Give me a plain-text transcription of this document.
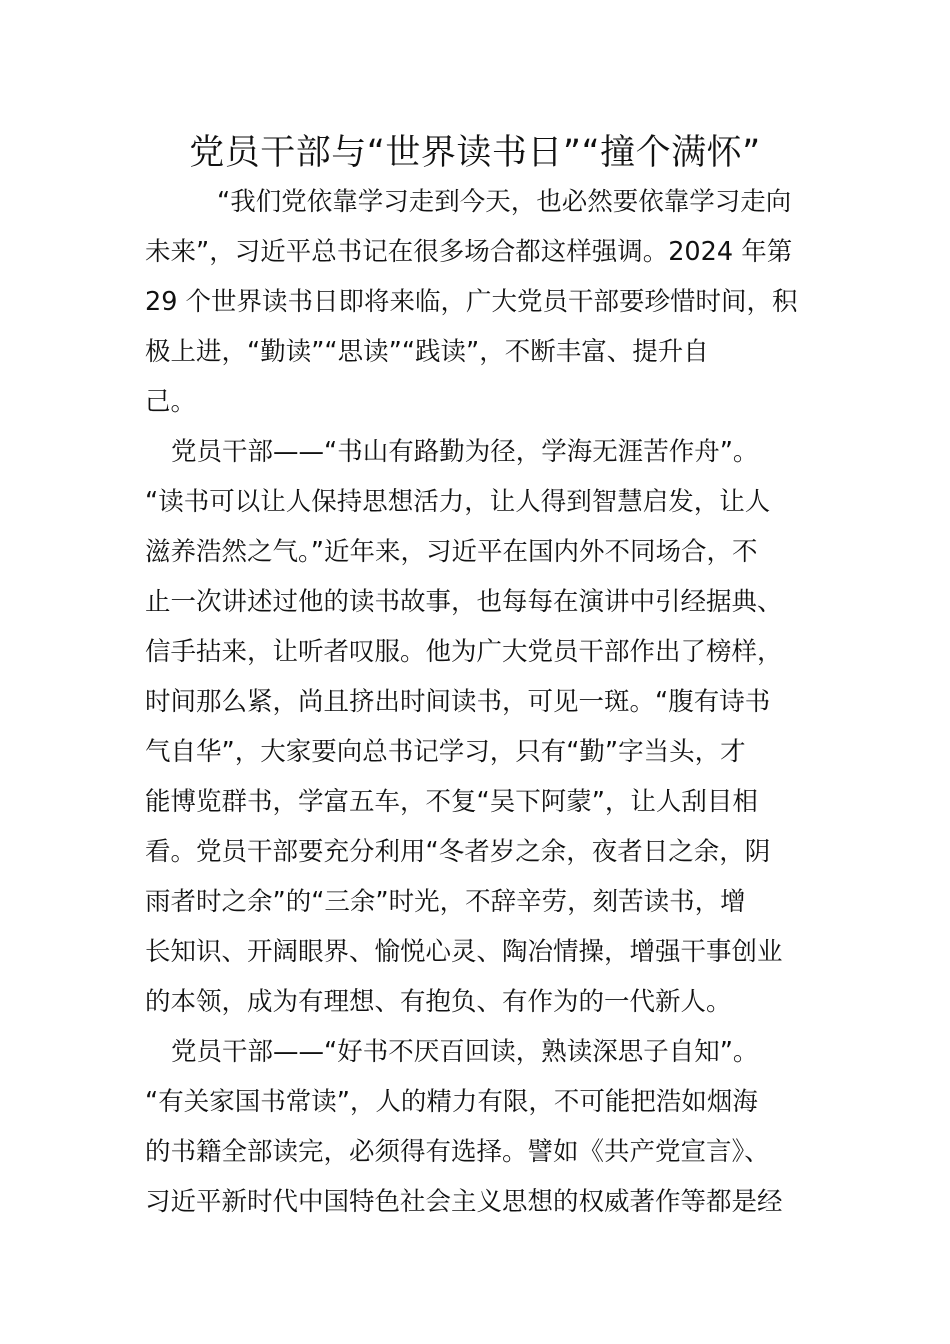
党员干部与“世界读书日”“撞个满怀”
“我们党依靠学习走到今天，也必然要依靠学习走向
未来”，习近平总书记在很多场合都这样强调。2024 年第
29 个世界读书日即将来临，广大党员干部要珍惜时间，积
极上进，“勤读”“思读”“践读”，不断丰富、提升自
己。
党员干部——“书山有路勤为径，学海无涯苦作舟”。
“读书可以让人保持思想活力，让人得到智慧启发，让人
滋养浩然之气。”近年来，习近平在国内外不同场合，不
止一次讲述过他的读书故事，也每每在演讲中引经据典、
信手拈来，让听者叹服。他为广大党员干部作出了榜样，
时间那么紧，尚且挤出时间读书，可见一斑。“腹有诗书
气自华”，大家要向总书记学习，只有“勤”字当头，才
能博览群书，学富五车，不复“吴下阿蒙”，让人刮目相
看。党员干部要充分利用“冬者岁之余，夜者日之余，阴
雨者时之余”的“三余”时光，不辞辛劳，刻苦读书，增
长知识、开阔眼界、愉悦心灵、陶冶情操，增强干事创业
的本领，成为有理想、有抱负、有作为的一代新人。
党员干部——“好书不厌百回读，熟读深思子自知”。
“有关家国书常读”，人的精力有限，不可能把浩如烟海
的书籍全部读完，必须得有选择。譬如《共产党宣言》、
习近平新时代中国特色社会主义思想的权威著作等都是经
